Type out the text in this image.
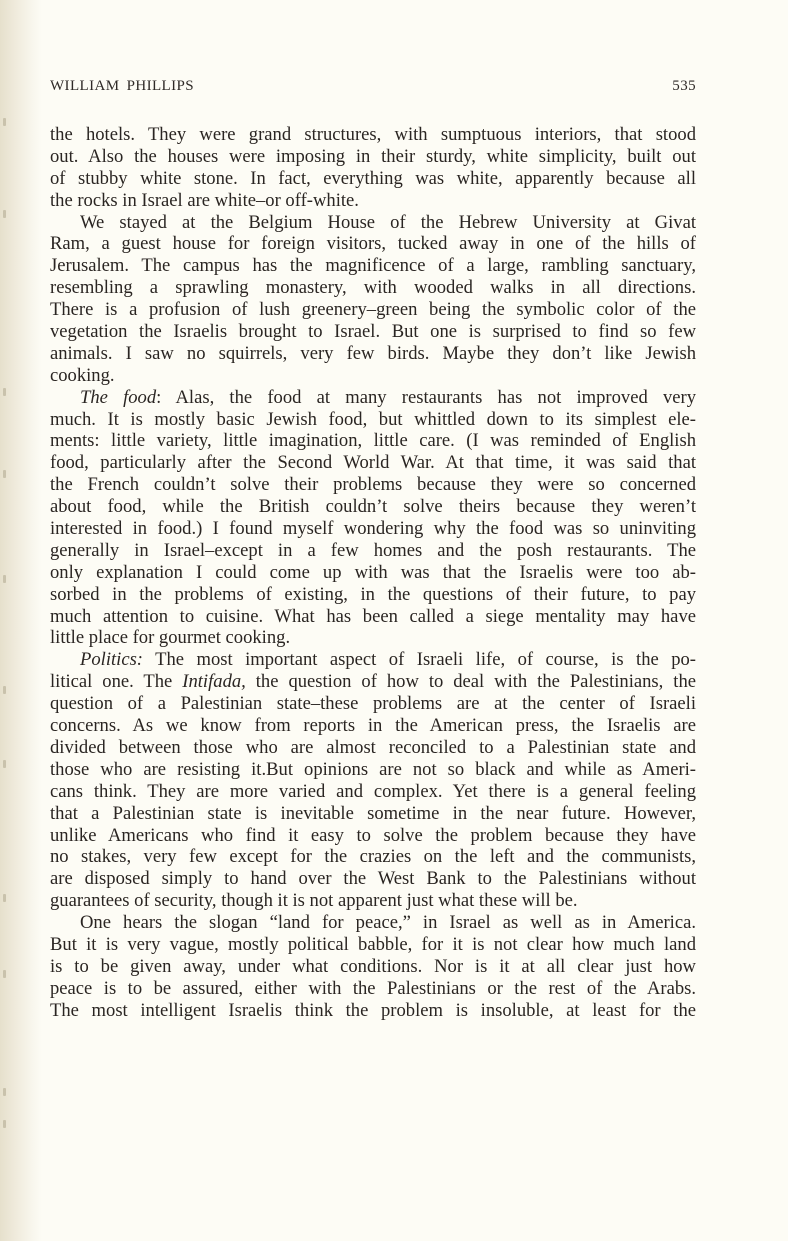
WILLIAM PHILLIPS	535
the hotels. They were grand structures, with sumptuous interiors, that stood
out. Also the houses were imposing in their sturdy, white simplicity, built out
of stubby white stone. In fact, everything was white, apparently because all
the rocks in Israel are white–or off-white.
We stayed at the Belgium House of the Hebrew University at Givat
Ram, a guest house for foreign visitors, tucked away in one of the hills of
Jerusalem. The campus has the magnificence of a large, rambling sanctuary,
resembling a sprawling monastery, with wooded walks in all directions.
There is a profusion of lush greenery–green being the symbolic color of the
vegetation the Israelis brought to Israel. But one is surprised to find so few
animals. I saw no squirrels, very few birds. Maybe they don’t like Jewish
cooking.
The food: Alas, the food at many restaurants has not improved very
much. It is mostly basic Jewish food, but whittled down to its simplest ele-
ments: little variety, little imagination, little care. (I was reminded of English
food, particularly after the Second World War. At that time, it was said that
the French couldn’t solve their problems because they were so concerned
about food, while the British couldn’t solve theirs because they weren’t
interested in food.) I found myself wondering why the food was so uninviting
generally in Israel–except in a few homes and the posh restaurants. The
only explanation I could come up with was that the Israelis were too ab-
sorbed in the problems of existing, in the questions of their future, to pay
much attention to cuisine. What has been called a siege mentality may have
little place for gourmet cooking.
Politics: The most important aspect of Israeli life, of course, is the po-
litical one. The Intifada, the question of how to deal with the Palestinians, the
question of a Palestinian state–these problems are at the center of Israeli
concerns. As we know from reports in the American press, the Israelis are
divided between those who are almost reconciled to a Palestinian state and
those who are resisting it.But opinions are not so black and while as Ameri-
cans think. They are more varied and complex. Yet there is a general feeling
that a Palestinian state is inevitable sometime in the near future. However,
unlike Americans who find it easy to solve the problem because they have
no stakes, very few except for the crazies on the left and the communists,
are disposed simply to hand over the West Bank to the Palestinians without
guarantees of security, though it is not apparent just what these will be.
One hears the slogan “land for peace,” in Israel as well as in America.
But it is very vague, mostly political babble, for it is not clear how much land
is to be given away, under what conditions. Nor is it at all clear just how
peace is to be assured, either with the Palestinians or the rest of the Arabs.
The most intelligent Israelis think the problem is insoluble, at least for the
